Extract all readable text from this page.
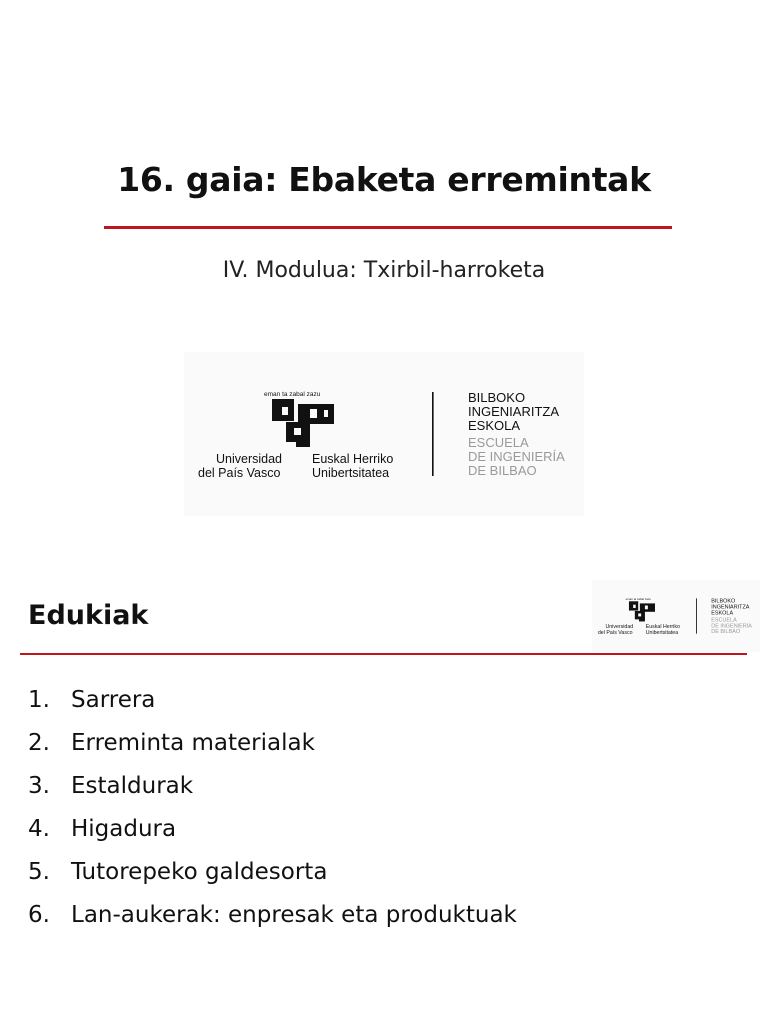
16. gaia: Ebaketa erremintak
IV. Modulua: Txirbil-harroketa
eman ta zabal zazu
Universidad
del País Vasco
Euskal Herriko
Unibertsitatea
BILBOKO
INGENIARITZA
ESKOLA
ESCUELA
DE INGENIERÍA
DE BILBAO
Edukiak
eman ta zabal zazu
Universidad
del País Vasco
Euskal Herriko
Unibertsitatea
BILBOKO
INGENIARITZA
ESKOLA
ESCUELA
DE INGENIERÍA
DE BILBAO
1. Sarrera
2. Erreminta materialak
3. Estaldurak
4. Higadura
5. Tutorepeko galdesorta
6. Lan-aukerak: enpresak eta produktuak
